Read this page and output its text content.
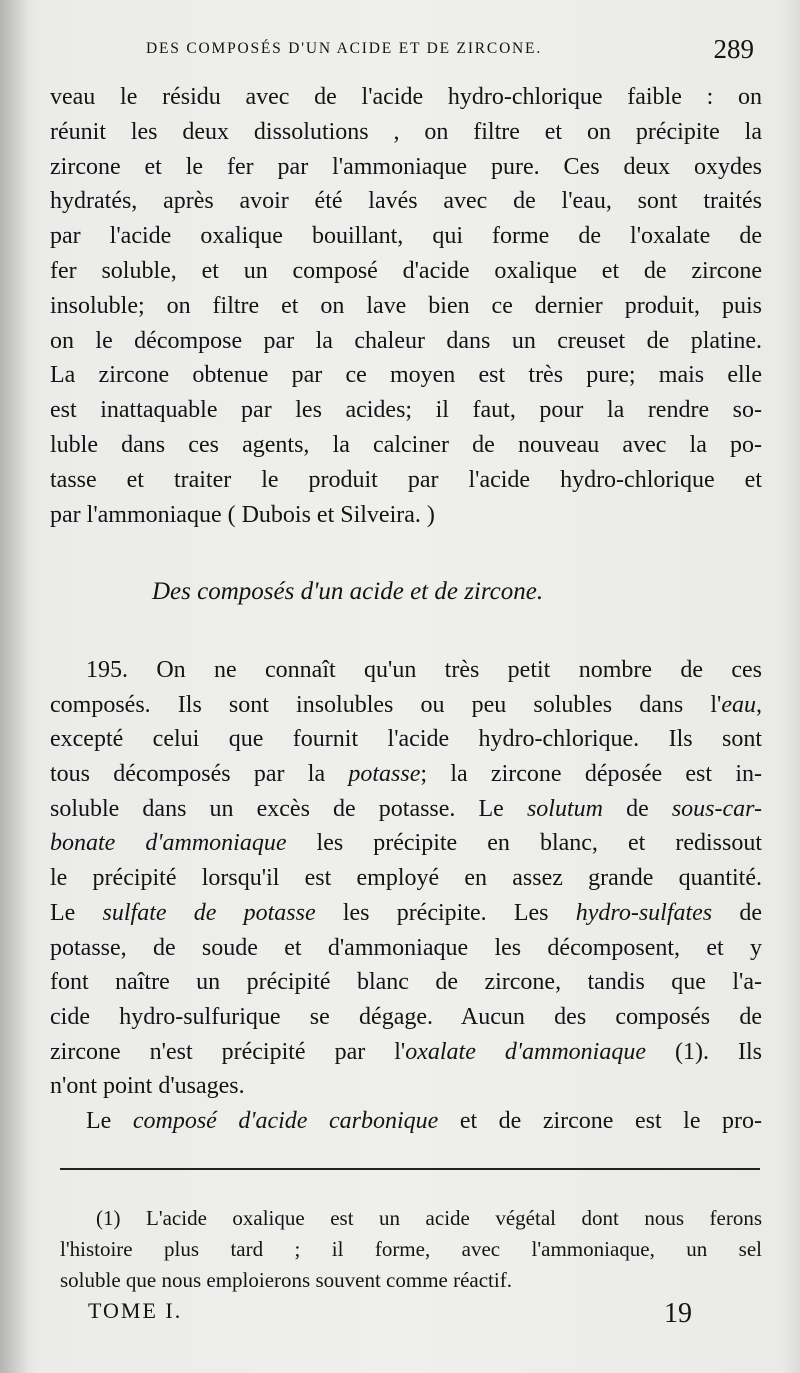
DES COMPOSÉS D'UN ACIDE ET DE ZIRCONE.	289
veau le résidu avec de l'acide hydro-chlorique faible : on
réunit les deux dissolutions , on filtre et on précipite la
zircone et le fer par l'ammoniaque pure. Ces deux oxydes
hydratés, après avoir été lavés avec de l'eau, sont traités
par l'acide oxalique bouillant, qui forme de l'oxalate de
fer soluble, et un composé d'acide oxalique et de zircone
insoluble; on filtre et on lave bien ce dernier produit, puis
on le décompose par la chaleur dans un creuset de platine.
La zircone obtenue par ce moyen est très pure; mais elle
est inattaquable par les acides; il faut, pour la rendre so-
luble dans ces agents, la calciner de nouveau avec la po-
tasse et traiter le produit par l'acide hydro-chlorique et
par l'ammoniaque ( Dubois et Silveira. )
Des composés d'un acide et de zircone.
195. On ne connaît qu'un très petit nombre de ces
composés. Ils sont insolubles ou peu solubles dans l'eau,
excepté celui que fournit l'acide hydro-chlorique. Ils sont
tous décomposés par la potasse; la zircone déposée est in-
soluble dans un excès de potasse. Le solutum de sous-car-
bonate d'ammoniaque les précipite en blanc, et redissout
le précipité lorsqu'il est employé en assez grande quantité.
Le sulfate de potasse les précipite. Les hydro-sulfates de
potasse, de soude et d'ammoniaque les décomposent, et y
font naître un précipité blanc de zircone, tandis que l'a-
cide hydro-sulfurique se dégage. Aucun des composés de
zircone n'est précipité par l'oxalate d'ammoniaque (1). Ils
n'ont point d'usages.
Le composé d'acide carbonique et de zircone est le pro-
(1) L'acide oxalique est un acide végétal dont nous ferons
l'histoire plus tard ; il forme, avec l'ammoniaque, un sel
soluble que nous emploierons souvent comme réactif.
TOME I.	19
